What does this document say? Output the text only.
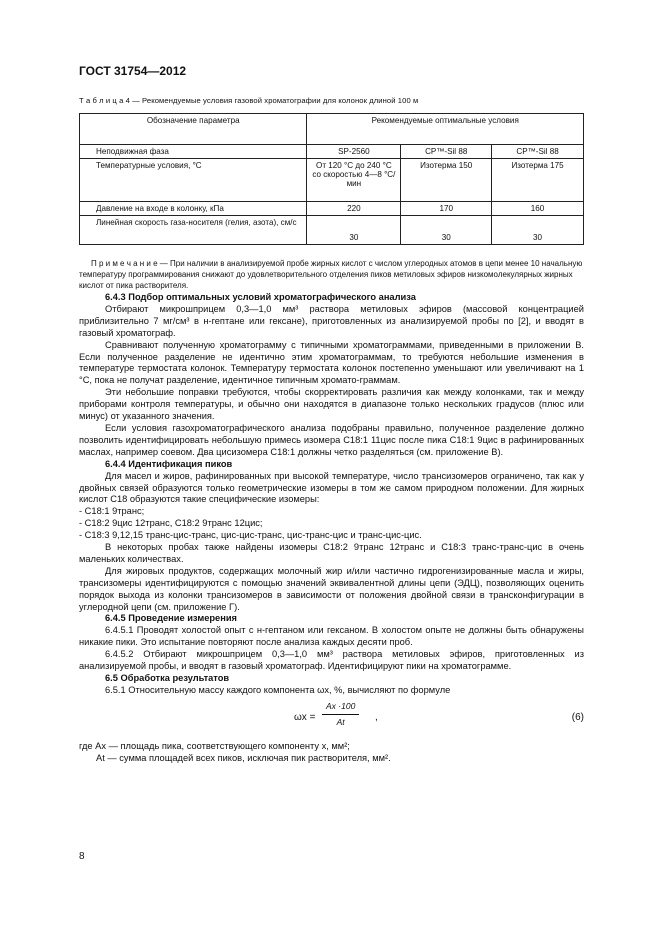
ГОСТ 31754—2012
Т а б л и ц а 4 — Рекомендуемые условия газовой хроматографии для колонок длиной 100 м
Обозначение параметра	Рекомендуемые оптимальные условия		
Неподвижная фаза	SP-2560	CP™-Sil 88	CP™-Sil 88
Температурные условия, °С	От 120 °С до 240 °С со скоростью 4—8 °С/мин	Изотерма 150	Изотерма 175
Давление на входе в колонку, кПа	220	170	160
Линейная скорость газа-носителя (гелия, азота), см/с	30	30	30
П р и м е ч а н и е — При наличии в анализируемой пробе жирных кислот с числом углеродных атомов в цепи менее 10 начальную температуру программирования снижают до удовлетворительного отделения пиков метиловых эфиров низкомолекулярных жирных кислот от пика растворителя.

6.4.3 Подбор оптимальных условий хроматографического анализа

Отбирают микрошприцем 0,3—1,0 мм³ раствора метиловых эфиров (массовой концентрацией приблизительно 7 мг/см³ в н-гептане или гексане), приготовленных из анализируемой пробы по [2], и вводят в газовый хроматограф.

Сравнивают полученную хроматограмму с типичными хроматограммами, приведенными в приложении В. Если полученное разделение не идентично этим хроматограммам, то требуются небольшие изменения в температуре термостата колонок. Температуру термостата колонок постепенно уменьшают или увеличивают на 1 °С, пока не получат разделение, идентичное типичным хромато-граммам.

Эти небольшие поправки требуются, чтобы скорректировать различия как между колонками, так и между приборами контроля температуры, и обычно они находятся в диапазоне только нескольких градусов (плюс или минус) от указанного значения.

Если условия газохроматографического анализа подобраны правильно, полученное разделение должно позволить идентифицировать небольшую примесь изомера С18:1 11цис после пика С18:1 9цис в рафинированных маслах, например соевом. Два цисизомера С18:1 должны четко разделяться (см. приложение В).

6.4.4 Идентификация пиков

Для масел и жиров, рафинированных при высокой температуре, число трансизомеров ограничено, так как у двойных связей образуются только геометрические изомеры в том же самом природном положении. Для жирных кислот С18 образуются такие специфические изомеры:

- С18:1 9транс;

- С18:2 9цис 12транс, С18:2 9транс 12цис;

- С18:3 9,12,15 транс-цис-транс, цис-цис-транс, цис-транс-цис и транс-цис-цис.

В некоторых пробах также найдены изомеры С18:2 9транс 12транс и С18:3 транс-транс-цис в очень маленьких количествах.

Для жировых продуктов, содержащих молочный жир и/или частично гидрогенизированные масла и жиры, трансизомеры идентифицируются с помощью значений эквивалентной длины цепи (ЭДЦ), позволяющих оценить порядок выхода из колонки трансизомеров в зависимости от положения двойной связи в трансконфигурации в углеродной цепи (см. приложение Г).

6.4.5 Проведение измерения

6.4.5.1 Проводят холостой опыт с н-гептаном или гексаном. В холостом опыте не должны быть обнаружены никакие пики. Это испытание повторяют после анализа каждых десяти проб.

6.4.5.2 Отбирают микрошприцем 0,3—1,0 мм³ раствора метиловых эфиров, приготовленных из анализируемой пробы, и вводят в газовый хроматограф. Идентифицируют пики на хроматограмме.

6.5 Обработка результатов

6.5.1 Относительную массу каждого компонента ωx, %, вычисляют по формуле

$\omega x = \frac{Ax \cdot 100}{At}$ ,	(6)

где Ax — площадь пика, соответствующего компоненту x, мм²;

At — сумма площадей всех пиков, исключая пик растворителя, мм².

8
